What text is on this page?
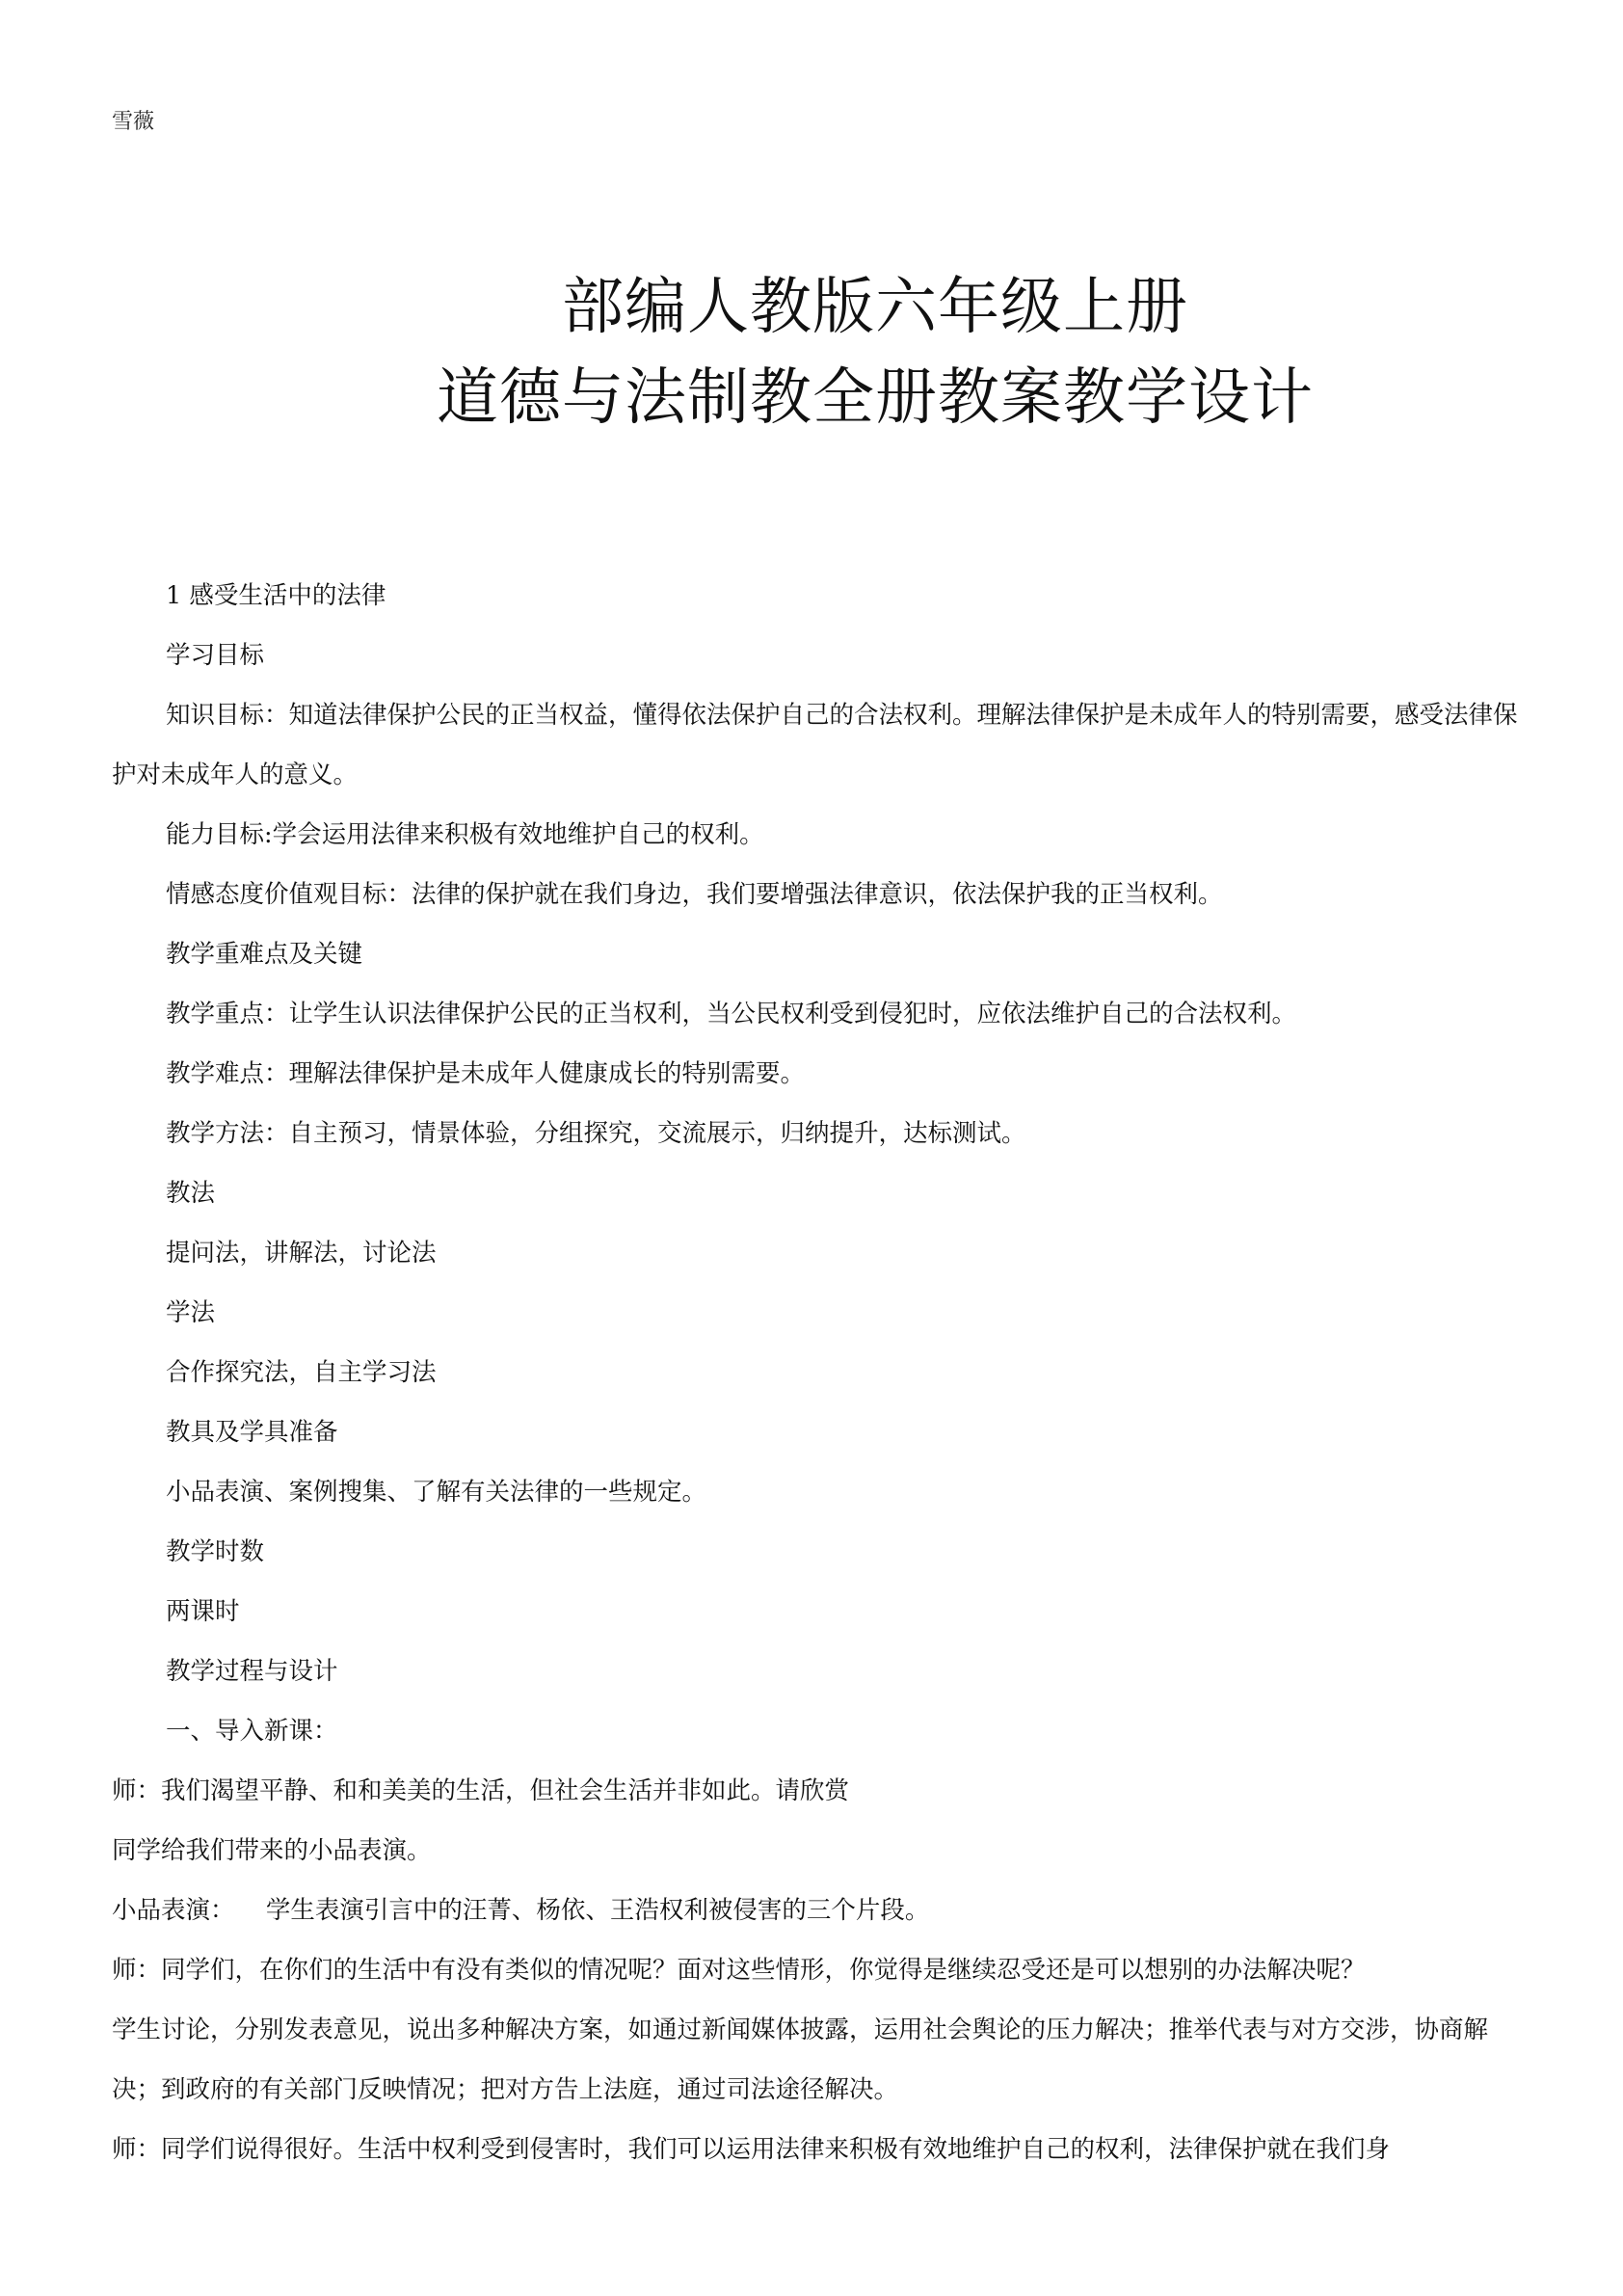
雪薇
部编人教版六年级上册
道德与法制教全册教案教学设计

1 感受生活中的法律

学习目标

知识目标：知道法律保护公民的正当权益，懂得依法保护自己的合法权利。理解法律保护是未成年人的特别需要，感受法律保护对未成年人的意义。

能力目标:学会运用法律来积极有效地维护自己的权利。

情感态度价值观目标：法律的保护就在我们身边，我们要增强法律意识，依法保护我的正当权利。

教学重难点及关键

教学重点：让学生认识法律保护公民的正当权利，当公民权利受到侵犯时，应依法维护自己的合法权利。

教学难点：理解法律保护是未成年人健康成长的特别需要。

教学方法：自主预习，情景体验，分组探究，交流展示，归纳提升，达标测试。

教法

提问法，讲解法，讨论法

学法

合作探究法，自主学习法

教具及学具准备

小品表演、案例搜集、了解有关法律的一些规定。

教学时数

两课时

教学过程与设计

一、导入新课：

师：我们渴望平静、和和美美的生活，但社会生活并非如此。请欣赏

同学给我们带来的小品表演。

小品表演：    学生表演引言中的汪菁、杨依、王浩权利被侵害的三个片段。

师：同学们，在你们的生活中有没有类似的情况呢？面对这些情形，你觉得是继续忍受还是可以想别的办法解决呢？

学生讨论，分别发表意见，说出多种解决方案，如通过新闻媒体披露，运用社会舆论的压力解决；推举代表与对方交涉，协商解决；到政府的有关部门反映情况；把对方告上法庭，通过司法途径解决。

师：同学们说得很好。生活中权利受到侵害时，我们可以运用法律来积极有效地维护自己的权利，法律保护就在我们身
